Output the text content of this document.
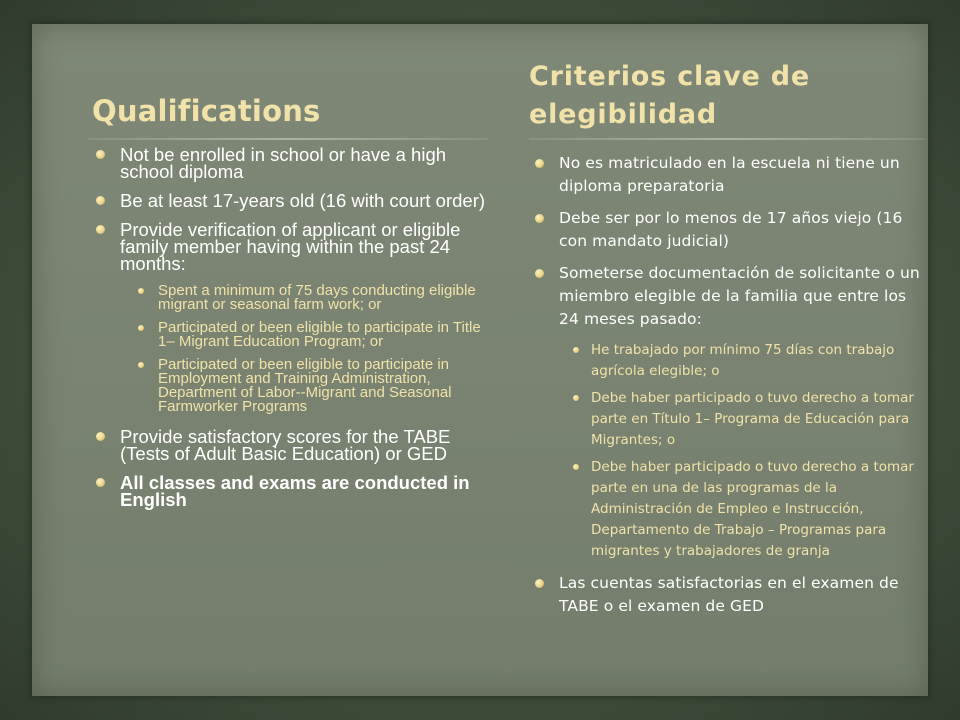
Qualifications
Not be enrolled in school or have a high school diploma
Be at least 17-years old (16 with court order)
Provide verification of applicant or eligible family member having within the past 24 months:
Spent a minimum of 75 days conducting eligible migrant or seasonal farm work; or
Participated or been eligible to participate in Title 1– Migrant Education Program; or
Participated or been eligible to participate in Employment and Training Administration, Department of Labor--Migrant and Seasonal Farmworker Programs
Provide satisfactory scores for the TABE (Tests of Adult Basic Education) or GED
All classes and exams are conducted in English
Criterios clave de elegibilidad
No es matriculado en la escuela ni tiene un diploma preparatoria
Debe ser por lo menos de 17 años viejo (16 con mandato judicial)
Someterse documentación de solicitante o un miembro elegible de la familia que entre los 24 meses pasado:
He trabajado por mínimo 75 días con trabajo agrícola elegible; o
Debe haber participado o tuvo derecho a tomar parte en Título 1– Programa de Educación para Migrantes; o
Debe haber participado o tuvo derecho a tomar parte en una de las programas de la Administración de Empleo e Instrucción, Departamento de Trabajo – Programas para migrantes y trabajadores de granja
Las cuentas satisfactorias en el examen de TABE o el examen de GED
